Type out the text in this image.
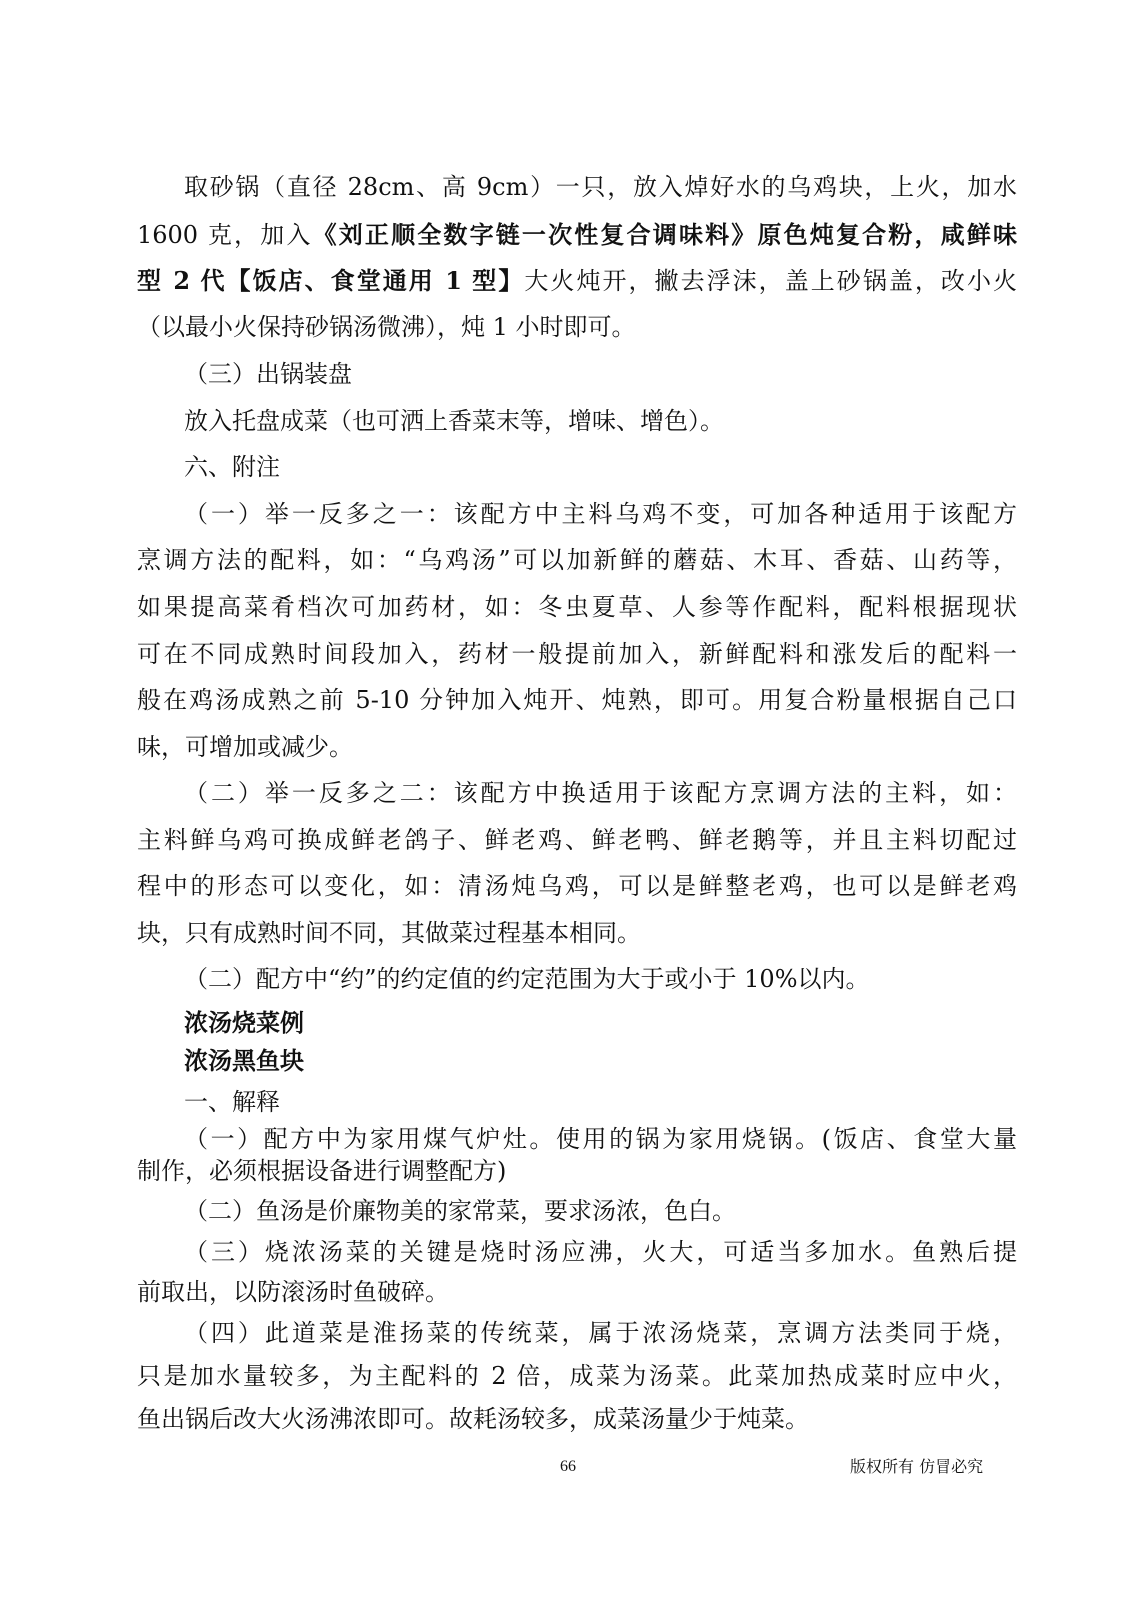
取砂锅（直径 28cm、高 9cm）一只，放入焯好水的乌鸡块，上火，加水
1600 克，加入《刘正顺全数字链一次性复合调味料》原色炖复合粉，咸鲜味
型 2 代【饭店、食堂通用 1 型】大火炖开，撇去浮沫，盖上砂锅盖，改小火
（以最小火保持砂锅汤微沸），炖 1 小时即可。
（三）出锅装盘
放入托盘成菜（也可洒上香菜末等，增味、增色）。
六、附注
（一）举一反多之一：该配方中主料乌鸡不变，可加各种适用于该配方
烹调方法的配料，如：“乌鸡汤”可以加新鲜的蘑菇、木耳、香菇、山药等，
如果提高菜肴档次可加药材，如：冬虫夏草、人参等作配料，配料根据现状
可在不同成熟时间段加入，药材一般提前加入，新鲜配料和涨发后的配料一
般在鸡汤成熟之前 5-10 分钟加入炖开、炖熟，即可。用复合粉量根据自己口
味，可增加或减少。
（二）举一反多之二：该配方中换适用于该配方烹调方法的主料，如：
主料鲜乌鸡可换成鲜老鸽子、鲜老鸡、鲜老鸭、鲜老鹅等，并且主料切配过
程中的形态可以变化，如：清汤炖乌鸡，可以是鲜整老鸡，也可以是鲜老鸡
块，只有成熟时间不同，其做菜过程基本相同。
（二）配方中“约”的约定值的约定范围为大于或小于 10%以内。
浓汤烧菜例
浓汤黑鱼块
一、解释
（一）配方中为家用煤气炉灶。使用的锅为家用烧锅。(饭店、食堂大量
制作，必须根据设备进行调整配方)
（二）鱼汤是价廉物美的家常菜，要求汤浓，色白。
（三）烧浓汤菜的关键是烧时汤应沸，火大，可适当多加水。鱼熟后提
前取出，以防滚汤时鱼破碎。
（四）此道菜是淮扬菜的传统菜，属于浓汤烧菜，烹调方法类同于烧，
只是加水量较多，为主配料的 2 倍，成菜为汤菜。此菜加热成菜时应中火，
鱼出锅后改大火汤沸浓即可。故耗汤较多，成菜汤量少于炖菜。
66	版权所有 仿冒必究
